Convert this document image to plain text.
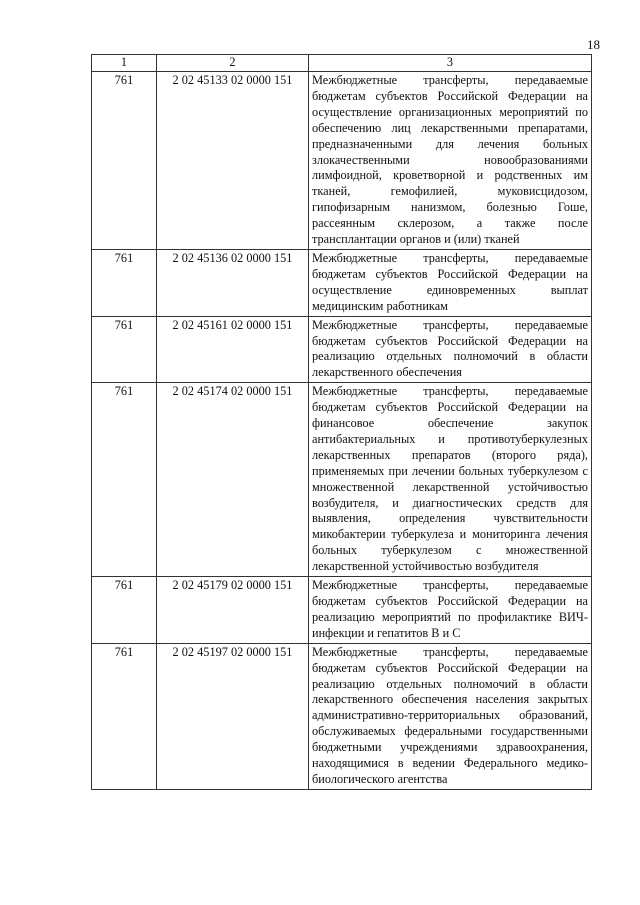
18
1	2	3
761	2 02 45133 02 0000 151	Межбюджетные трансферты, передаваемые бюджетам субъектов Российской Федерации на осуществление организационных мероприятий по обеспечению лиц лекарственными препаратами, предназначенными для лечения больных злокачественными новообразованиями лимфоидной, кроветворной и родственных им тканей, гемофилией, муковисцидозом, гипофизарным нанизмом, болезнью Гоше, рассеянным склерозом, а также после трансплантации органов и (или) тканей
761	2 02 45136 02 0000 151	Межбюджетные трансферты, передаваемые бюджетам субъектов Российской Федерации на осуществление единовременных выплат медицинским работникам
761	2 02 45161 02 0000 151	Межбюджетные трансферты, передаваемые бюджетам субъектов Российской Федерации на реализацию отдельных полномочий в области лекарственного обеспечения
761	2 02 45174 02 0000 151	Межбюджетные трансферты, передаваемые бюджетам субъектов Российской Федерации на финансовое обеспечение закупок антибактериальных и противотуберкулезных лекарственных препаратов (второго ряда), применяемых при лечении больных туберкулезом с множественной лекарственной устойчивостью возбудителя, и диагностических средств для выявления, определения чувствительности микобактерии туберкулеза и мониторинга лечения больных туберкулезом с множественной лекарственной устойчивостью возбудителя
761	2 02 45179 02 0000 151	Межбюджетные трансферты, передаваемые бюджетам субъектов Российской Федерации на реализацию мероприятий по профилактике ВИЧ-инфекции и гепатитов B и C
761	2 02 45197 02 0000 151	Межбюджетные трансферты, передаваемые бюджетам субъектов Российской Федерации на реализацию отдельных полномочий в области лекарственного обеспечения населения закрытых административно-территориальных образований, обслуживаемых федеральными государственными бюджетными учреждениями здравоохранения, находящимися в ведении Федерального медико-биологического агентства
